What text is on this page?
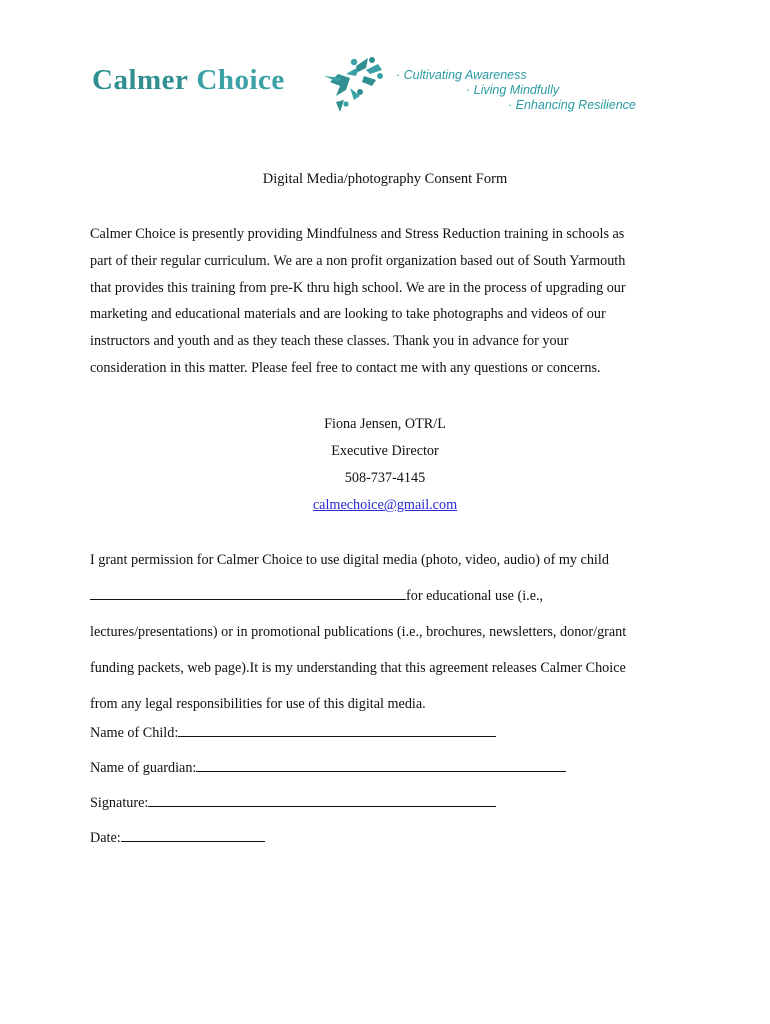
Calmer Choice	· Cultivating Awareness
· Living Mindfully
· Enhancing Resilience
Digital Media/photography Consent Form
Calmer Choice is presently providing Mindfulness and Stress Reduction training in schools as
part of their regular curriculum. We are a non profit organization based out of South Yarmouth
that provides this training from pre-K thru high school. We are in the process of upgrading our
marketing and educational materials and are looking to take photographs and videos of our
instructors and youth and as they teach these classes. Thank you in advance for your
consideration in this matter. Please feel free to contact me with any questions or concerns.
Fiona Jensen, OTR/L
Executive Director
508-737-4145
calmechoice@gmail.com
I grant permission for Calmer Choice to use digital media (photo, video, audio) of my child
for educational use (i.e.,
lectures/presentations) or in promotional publications (i.e., brochures, newsletters, donor/grant
funding packets, web page).It is my understanding that this agreement releases Calmer Choice
from any legal responsibilities for use of this digital media.
Name of Child:
Name of guardian:
Signature:
Date:
